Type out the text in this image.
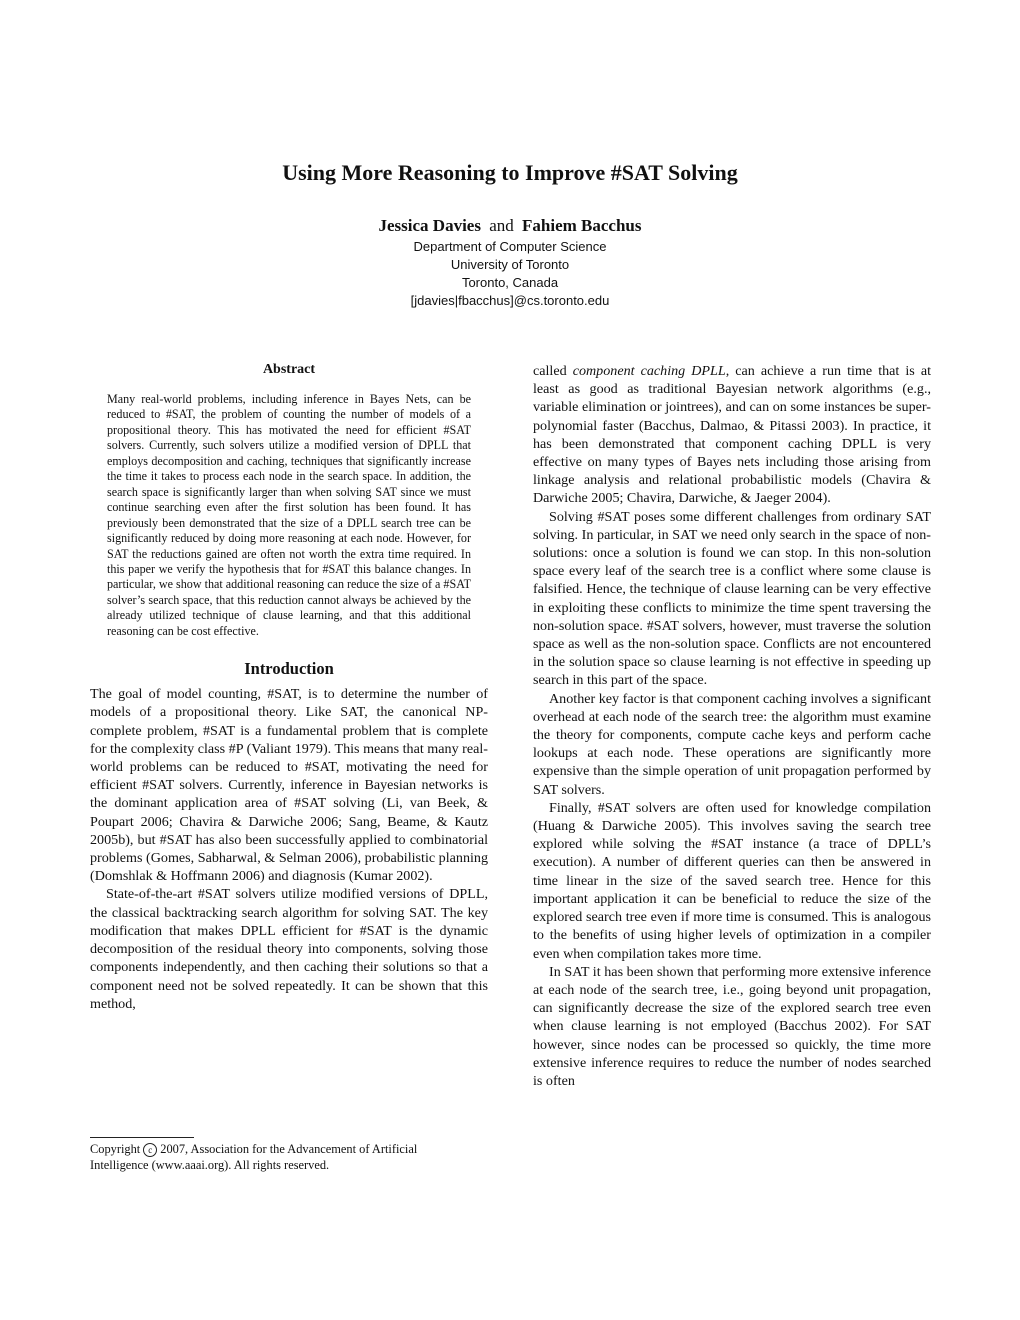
Using More Reasoning to Improve #SAT Solving
Jessica Davies and Fahiem Bacchus
Department of Computer Science
University of Toronto
Toronto, Canada
[jdavies|fbacchus]@cs.toronto.edu
Abstract

Many real-world problems, including inference in Bayes Nets, can be reduced to #SAT, the problem of counting the number of models of a propositional theory. This has motivated the need for efficient #SAT solvers. Currently, such solvers utilize a modified version of DPLL that employs decomposition and caching, techniques that significantly increase the time it takes to process each node in the search space. In addition, the search space is significantly larger than when solving SAT since we must continue searching even after the first solution has been found. It has previously been demonstrated that the size of a DPLL search tree can be significantly reduced by doing more reasoning at each node. However, for SAT the reductions gained are often not worth the extra time required. In this paper we verify the hypothesis that for #SAT this balance changes. In particular, we show that additional reasoning can reduce the size of a #SAT solver’s search space, that this reduction cannot always be achieved by the already utilized technique of clause learning, and that this additional reasoning can be cost effective.

Introduction

The goal of model counting, #SAT, is to determine the number of models of a propositional theory. Like SAT, the canonical NP-complete problem, #SAT is a fundamental problem that is complete for the complexity class #P (Valiant 1979). This means that many real-world problems can be reduced to #SAT, motivating the need for efficient #SAT solvers. Currently, inference in Bayesian networks is the dominant application area of #SAT solving (Li, van Beek, & Poupart 2006; Chavira & Darwiche 2006; Sang, Beame, & Kautz 2005b), but #SAT has also been successfully applied to combinatorial problems (Gomes, Sabharwal, & Selman 2006), probabilistic planning (Domshlak & Hoffmann 2006) and diagnosis (Kumar 2002).

State-of-the-art #SAT solvers utilize modified versions of DPLL, the classical backtracking search algorithm for solving SAT. The key modification that makes DPLL efficient for #SAT is the dynamic decomposition of the residual theory into components, solving those components independently, and then caching their solutions so that a component need not be solved repeatedly. It can be shown that this method,

Copyright c 2007, Association for the Advancement of Artificial
Intelligence (www.aaai.org). All rights reserved.

called component caching DPLL, can achieve a run time that is at least as good as traditional Bayesian network algorithms (e.g., variable elimination or jointrees), and can on some instances be super-polynomial faster (Bacchus, Dalmao, & Pitassi 2003). In practice, it has been demonstrated that component caching DPLL is very effective on many types of Bayes nets including those arising from linkage analysis and relational probabilistic models (Chavira & Darwiche 2005; Chavira, Darwiche, & Jaeger 2004).

Solving #SAT poses some different challenges from ordinary SAT solving. In particular, in SAT we need only search in the space of non-solutions: once a solution is found we can stop. In this non-solution space every leaf of the search tree is a conflict where some clause is falsified. Hence, the technique of clause learning can be very effective in exploiting these conflicts to minimize the time spent traversing the non-solution space. #SAT solvers, however, must traverse the solution space as well as the non-solution space. Conflicts are not encountered in the solution space so clause learning is not effective in speeding up search in this part of the space.

Another key factor is that component caching involves a significant overhead at each node of the search tree: the algorithm must examine the theory for components, compute cache keys and perform cache lookups at each node. These operations are significantly more expensive than the simple operation of unit propagation performed by SAT solvers.

Finally, #SAT solvers are often used for knowledge compilation (Huang & Darwiche 2005). This involves saving the search tree explored while solving the #SAT instance (a trace of DPLL’s execution). A number of different queries can then be answered in time linear in the size of the saved search tree. Hence for this important application it can be beneficial to reduce the size of the explored search tree even if more time is consumed. This is analogous to the benefits of using higher levels of optimization in a compiler even when compilation takes more time.

In SAT it has been shown that performing more extensive inference at each node of the search tree, i.e., going beyond unit propagation, can significantly decrease the size of the explored search tree even when clause learning is not employed (Bacchus 2002). For SAT however, since nodes can be processed so quickly, the time more extensive inference requires to reduce the number of nodes searched is often
